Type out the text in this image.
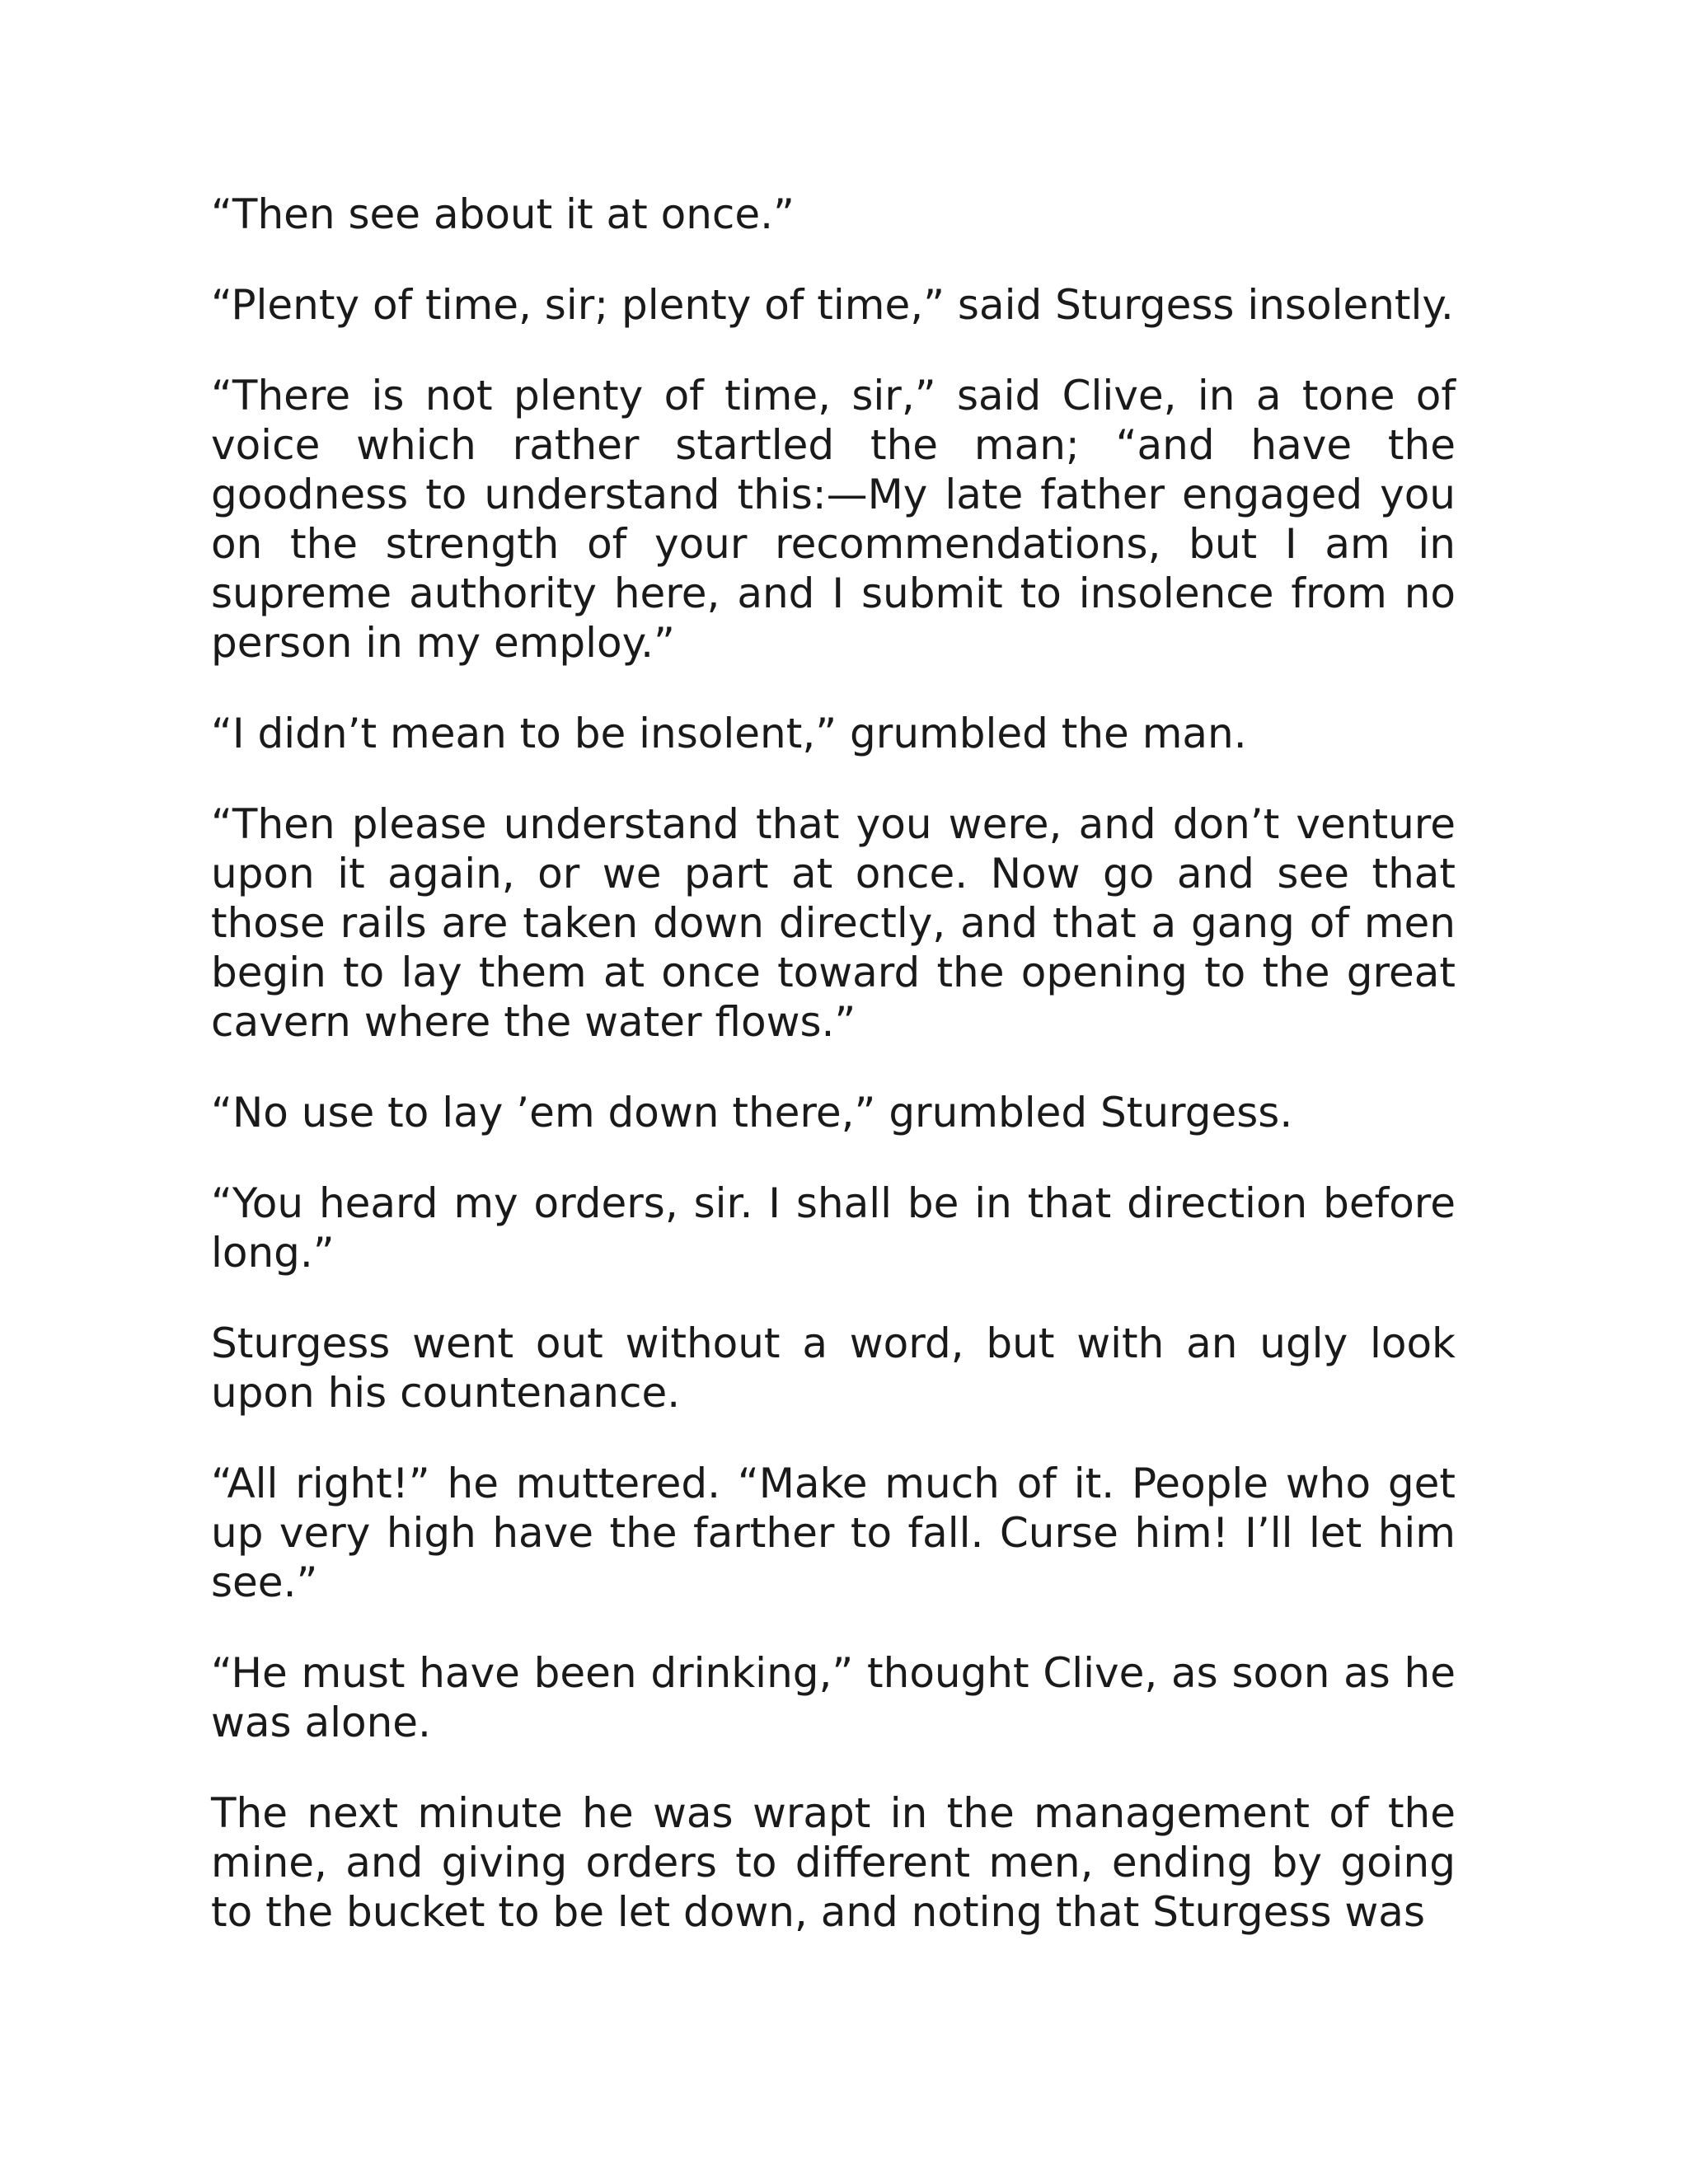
“Then see about it at once.”

“Plenty of time, sir; plenty of time,” said Sturgess insolently.

“There is not plenty of time, sir,” said Clive, in a tone of voice which rather startled the man; “and have the goodness to understand this:—My late father engaged you on the strength of your recommendations, but I am in supreme authority here, and I submit to insolence from no person in my employ.”

“I didn’t mean to be insolent,” grumbled the man.

“Then please understand that you were, and don’t venture upon it again, or we part at once. Now go and see that those rails are taken down directly, and that a gang of men begin to lay them at once toward the opening to the great cavern where the water flows.”

“No use to lay ’em down there,” grumbled Sturgess.

“You heard my orders, sir. I shall be in that direction before long.”

Sturgess went out without a word, but with an ugly look upon his countenance.

“All right!” he muttered. “Make much of it. People who get up very high have the farther to fall. Curse him! I’ll let him see.”

“He must have been drinking,” thought Clive, as soon as he was alone.

The next minute he was wrapt in the management of the mine, and giving orders to different men, ending by going to the bucket to be let down, and noting that Sturgess was
